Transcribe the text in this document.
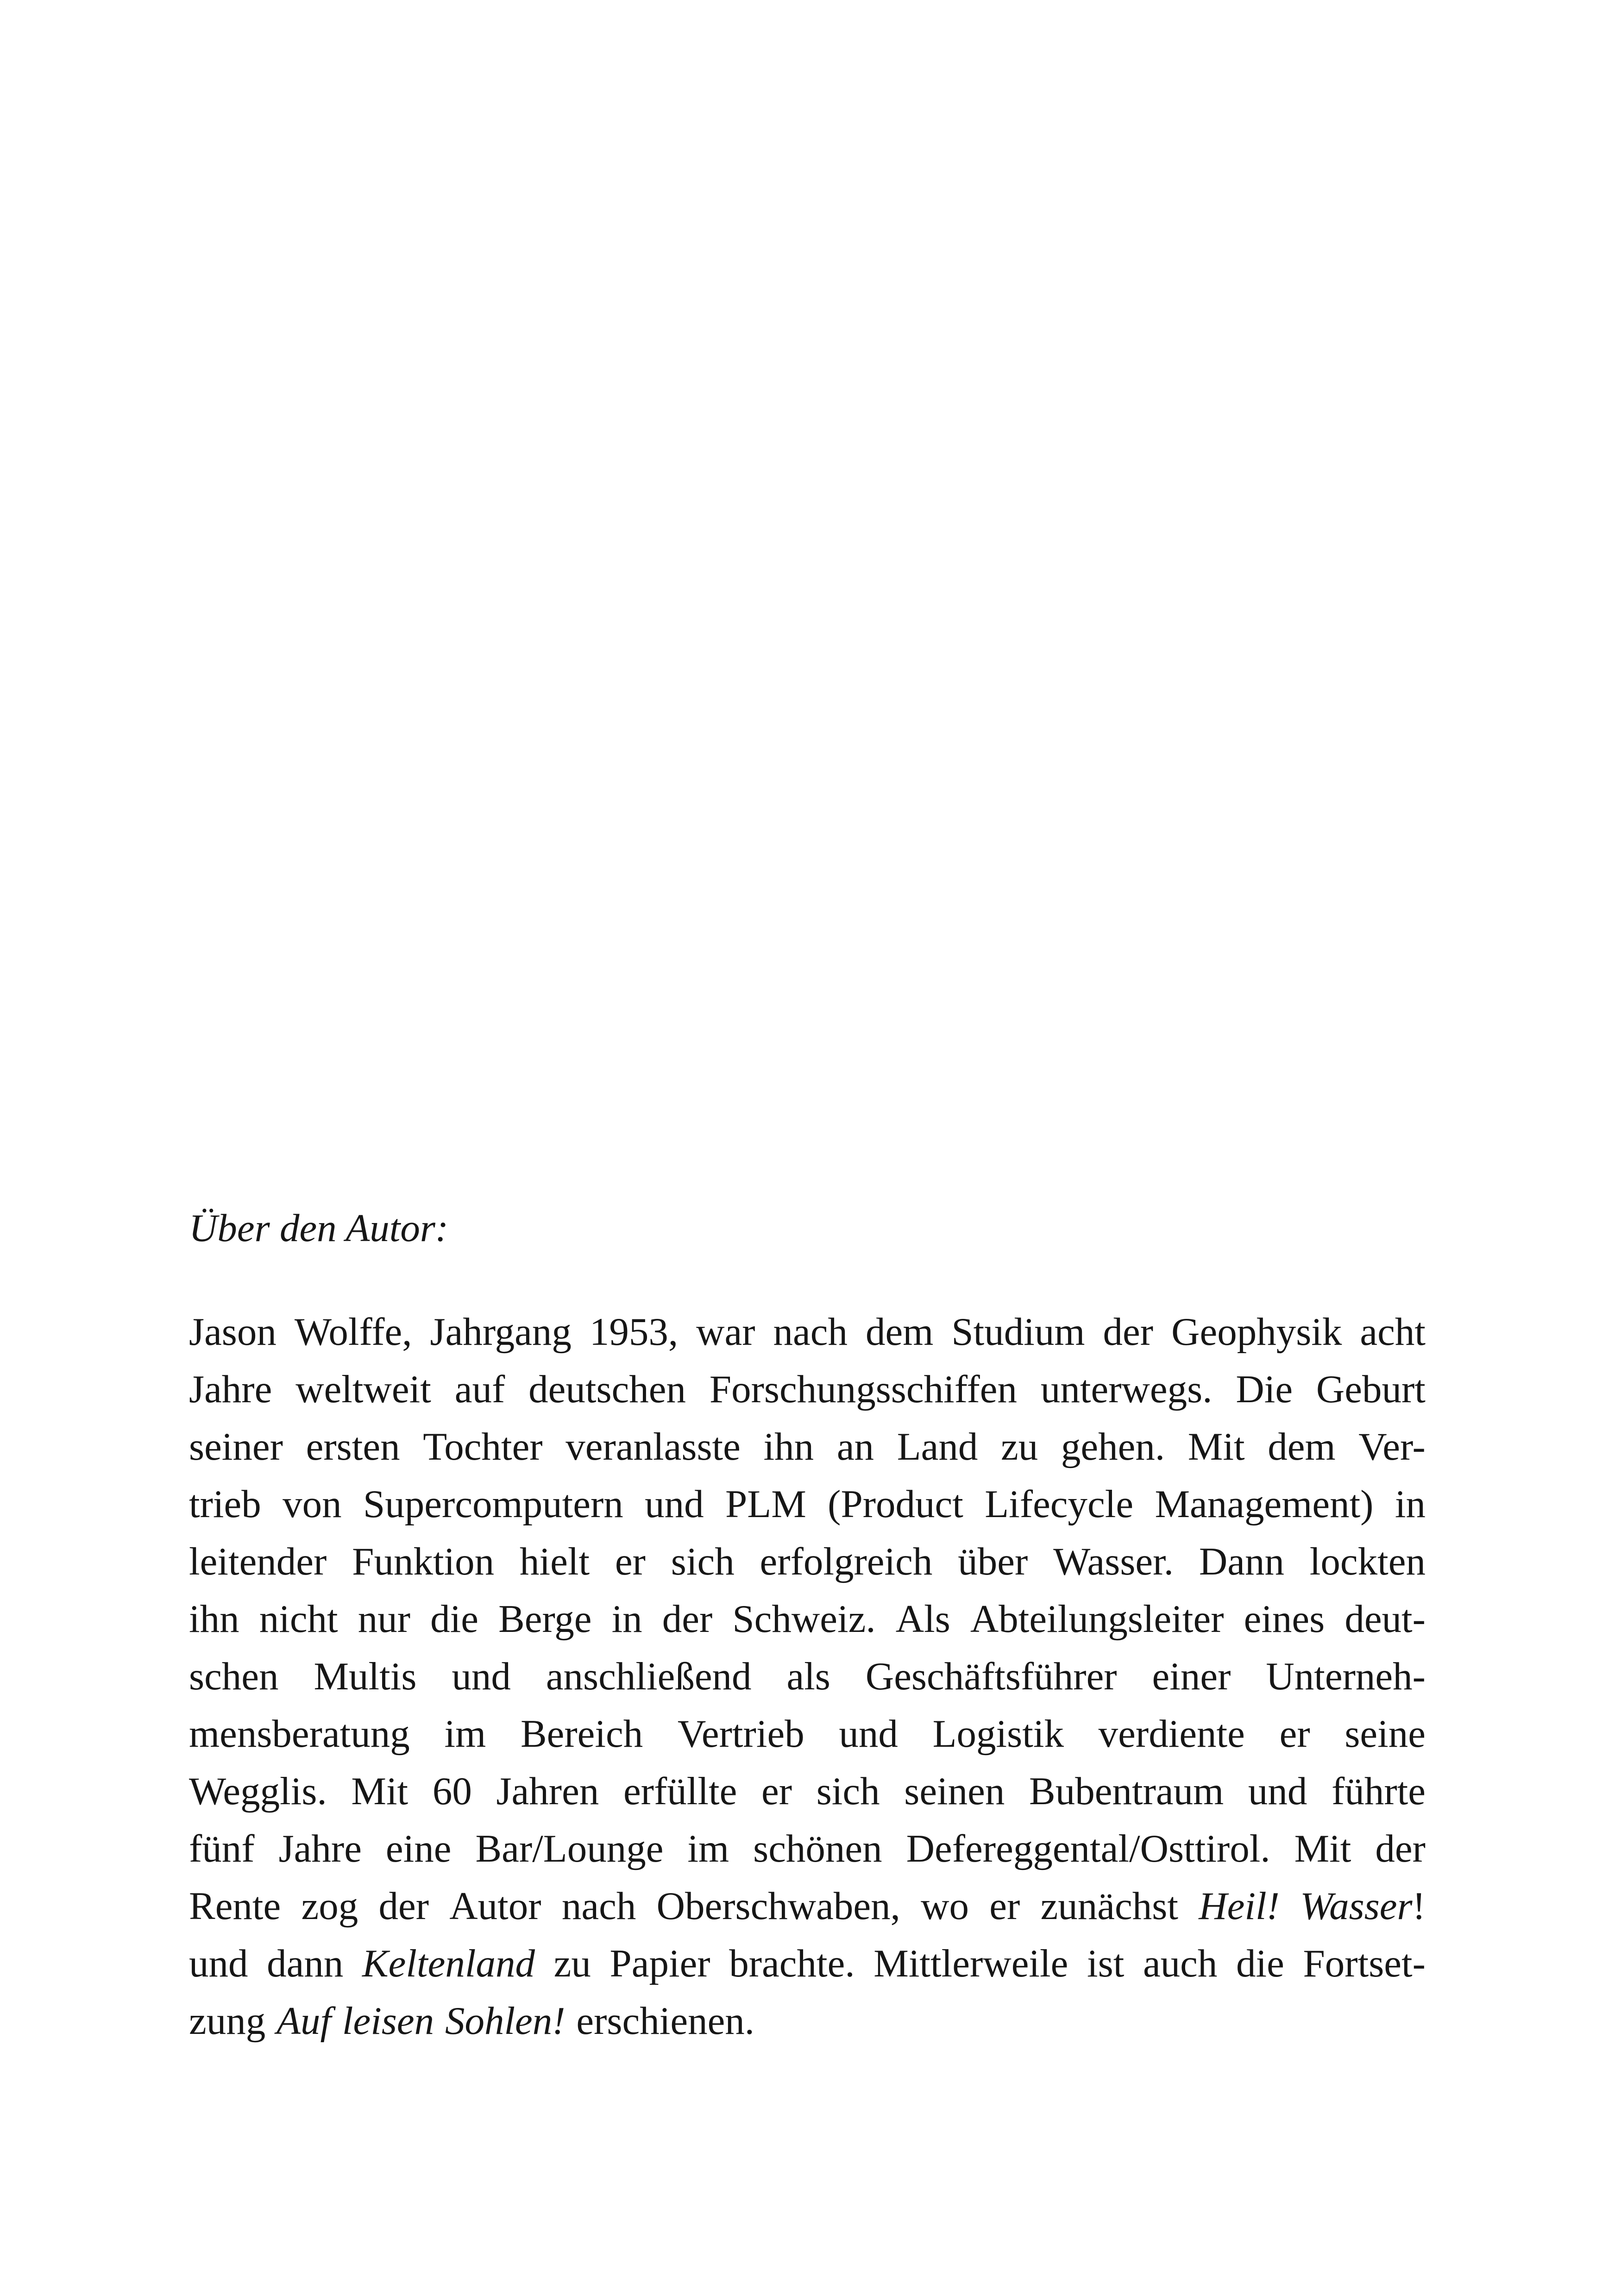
Über den Autor:

Jason Wolffe, Jahrgang 1953, war nach dem Studium der Geophysik acht
Jahre weltweit auf deutschen Forschungsschiffen unterwegs. Die Geburt
seiner ersten Tochter veranlasste ihn an Land zu gehen. Mit dem Ver-
trieb von Supercomputern und PLM (Product Lifecycle Management) in
leitender Funktion hielt er sich erfolgreich über Wasser. Dann lockten
ihn nicht nur die Berge in der Schweiz. Als Abteilungsleiter eines deut-
schen Multis und anschließend als Geschäftsführer einer Unterneh-
mensberatung im Bereich Vertrieb und Logistik verdiente er seine
Wegglis. Mit 60 Jahren erfüllte er sich seinen Bubentraum und führte
fünf Jahre eine Bar/Lounge im schönen Defereggental/Osttirol. Mit der
Rente zog der Autor nach Oberschwaben, wo er zunächst Heil! Wasser!
und dann Keltenland zu Papier brachte. Mittlerweile ist auch die Fortset-
zung Auf leisen Sohlen! erschienen.
